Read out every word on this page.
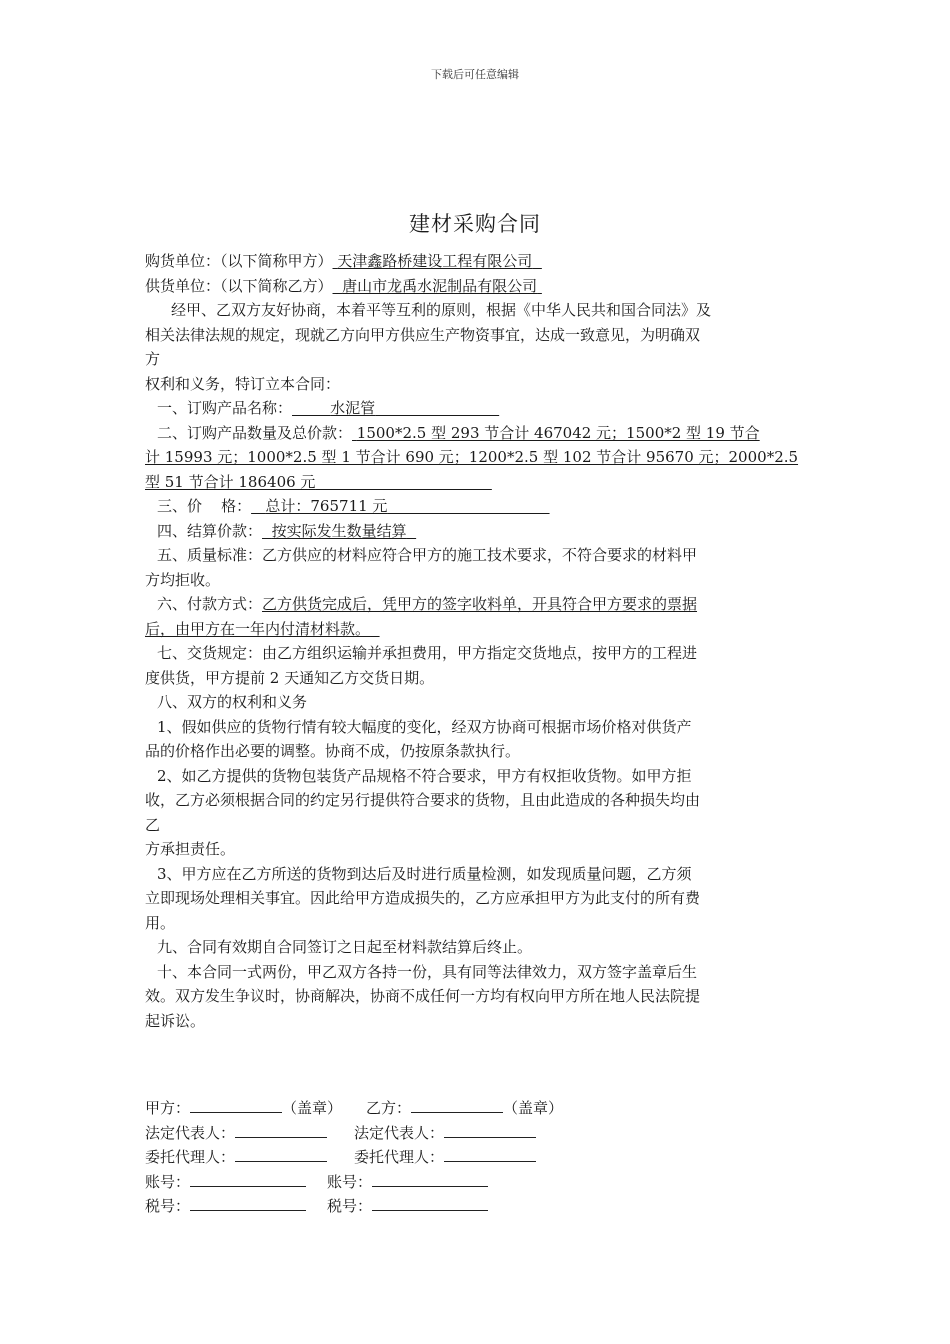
下载后可任意编辑
建材采购合同

购货单位：（以下简称甲方） 天津鑫路桥建设工程有限公司

供货单位：（以下简称乙方） 唐山市龙禹水泥制品有限公司

经甲、乙双方友好协商，本着平等互利的原则，根据《中华人民共和国合同法》及

相关法律法规的规定，现就乙方向甲方供应生产物资事宜，达成一致意见，为明确双

方

权利和义务，特订立本合同：

一、订购产品名称：	水泥管

二、订购产品数量及总价款： 1500*2.5 型 293 节合计 467042 元；1500*2 型 19 节合

计 15993 元；1000*2.5 型 1 节合计 690 元；1200*2.5 型 102 节合计 95670 元；2000*2.5

型 51 节合计 186406 元

三、价    格： 总计：765711 元

四、结算价款： 按实际发生数量结算

五、质量标准：乙方供应的材料应符合甲方的施工技术要求，不符合要求的材料甲

方均拒收。

六、付款方式：乙方供货完成后，凭甲方的签字收料单，开具符合甲方要求的票据

后，由甲方在一年内付清材料款。

七、交货规定：由乙方组织运输并承担费用，甲方指定交货地点，按甲方的工程进

度供货，甲方提前 2 天通知乙方交货日期。

八、双方的权利和义务

1、假如供应的货物行情有较大幅度的变化，经双方协商可根据市场价格对供货产

品的价格作出必要的调整。协商不成，仍按原条款执行。

2、如乙方提供的货物包装货产品规格不符合要求，甲方有权拒收货物。如甲方拒

收，乙方必须根据合同的约定另行提供符合要求的货物，且由此造成的各种损失均由

乙

方承担责任。

3、甲方应在乙方所送的货物到达后及时进行质量检测，如发现质量问题，乙方须

立即现场处理相关事宜。因此给甲方造成损失的，乙方应承担甲方为此支付的所有费

用。

九、合同有效期自合同签订之日起至材料款结算后终止。

十、本合同一式两份，甲乙双方各持一份，具有同等法律效力，双方签字盖章后生

效。双方发生争议时，协商解决，协商不成任何一方均有权向甲方所在地人民法院提

起诉讼。

甲方：	（盖章） 乙方：	（盖章）
法定代表人：	法定代表人：
委托代理人：	委托代理人：
账号：	账号：
税号：	税号：
